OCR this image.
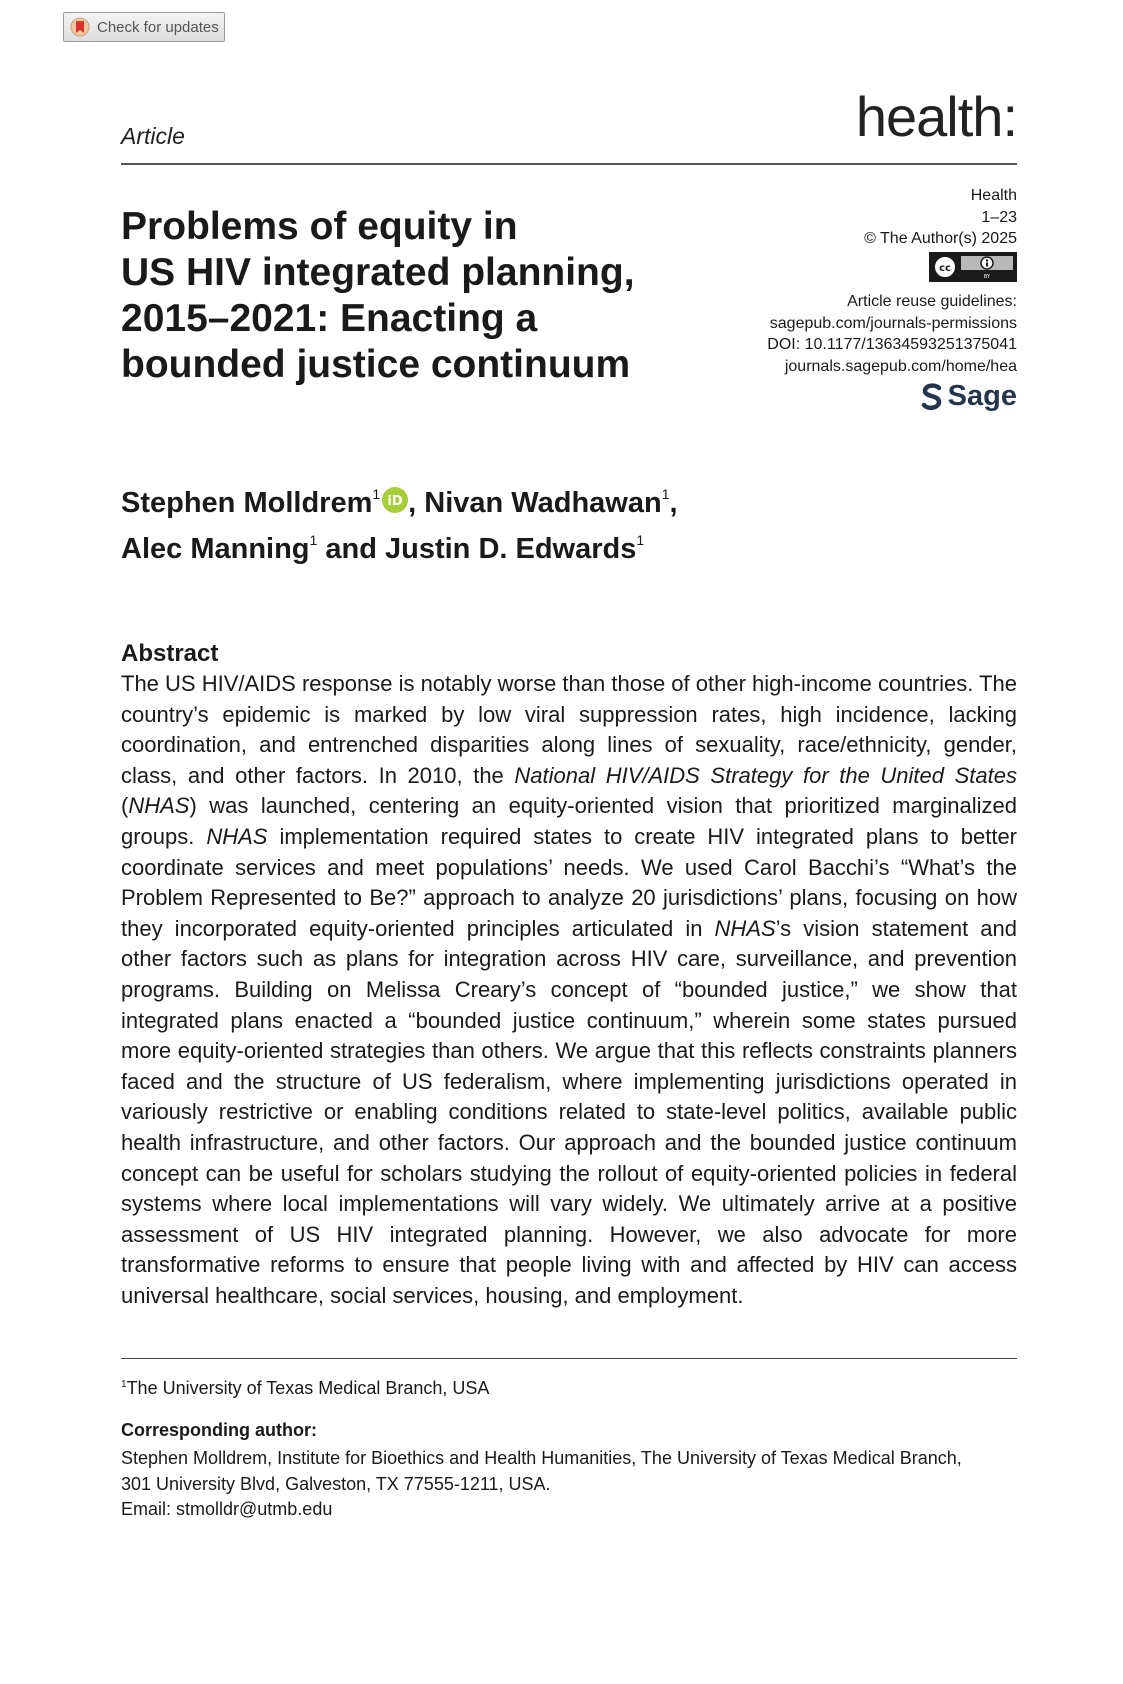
Check for updates
Article	health:
Problems of equity in
US HIV integrated planning,
2015–2021: Enacting a
bounded justice continuum
Health
1–23
© The Author(s) 2025
cc
BY
Article reuse guidelines:
sagepub.com/journals-permissions
DOI: 10.1177/13634593251375041
journals.sagepub.com/home/hea
Sage

Stephen Molldrem$^1$ iD , Nivan Wadhawan$^1$,
Alec Manning$^1$ and Justin D. Edwards$^1$

Abstract

The US HIV/AIDS response is notably worse than those of other high-income countries. The country’s epidemic is marked by low viral suppression rates, high incidence, lacking coordination, and entrenched disparities along lines of sexuality, race/ethnicity, gender, class, and other factors. In 2010, the National HIV/AIDS Strategy for the United States (NHAS) was launched, centering an equity-oriented vision that prioritized marginalized groups. NHAS implementation required states to create HIV integrated plans to better coordinate services and meet populations’ needs. We used Carol Bacchi’s “What’s the Problem Represented to Be?” approach to analyze 20 jurisdictions’ plans, focusing on how they incorporated equity-oriented principles articulated in NHAS’s vision statement and other factors such as plans for integration across HIV care, surveillance, and prevention programs. Building on Melissa Creary’s concept of “bounded justice,” we show that integrated plans enacted a “bounded justice continuum,” wherein some states pursued more equity-oriented strategies than others. We argue that this reflects constraints planners faced and the structure of US federalism, where implementing jurisdictions operated in variously restrictive or enabling conditions related to state-level politics, available public health infrastructure, and other factors. Our approach and the bounded justice continuum concept can be useful for scholars studying the rollout of equity-oriented policies in federal systems where local implementations will vary widely. We ultimately arrive at a positive assessment of US HIV integrated planning. However, we also advocate for more transformative reforms to ensure that people living with and affected by HIV can access universal healthcare, social services, housing, and employment.

$^1$The University of Texas Medical Branch, USA
Corresponding author:
Stephen Molldrem, Institute for Bioethics and Health Humanities, The University of Texas Medical Branch,
301 University Blvd, Galveston, TX 77555-1211, USA.
Email: stmolldr@utmb.edu
